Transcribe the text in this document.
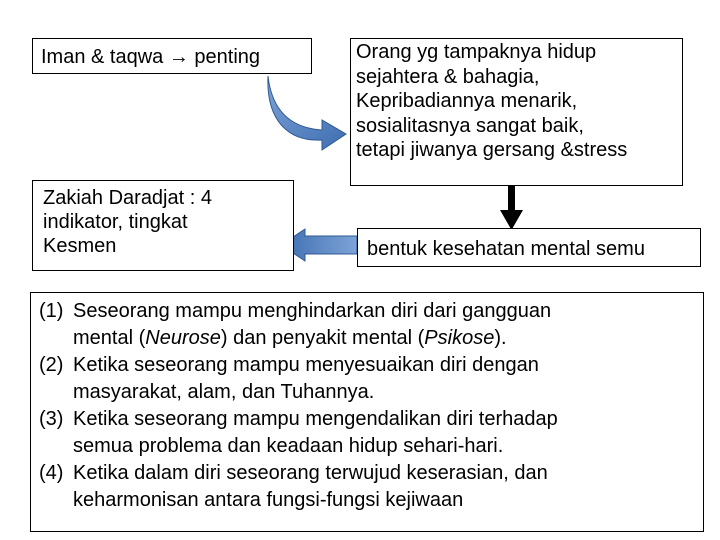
Iman & taqwa → penting	Orang yg tampaknya hidup
sejahtera & bahagia,
Kepribadiannya menarik,
sosialitasnya sangat baik,
tetapi jiwanya gersang &stress
Zakiah Daradjat : 4
indikator, tingkat
Kesmen	bentuk kesehatan mental semu
(1) Seseorang mampu menghindarkan diri dari gangguan
mental (Neurose) dan penyakit mental (Psikose).
(2) Ketika seseorang mampu menyesuaikan diri dengan
masyarakat, alam, dan Tuhannya.
(3) Ketika seseorang mampu mengendalikan diri terhadap
semua problema dan keadaan hidup sehari-hari.
(4) Ketika dalam diri seseorang terwujud keserasian, dan
keharmonisan antara fungsi-fungsi kejiwaan
